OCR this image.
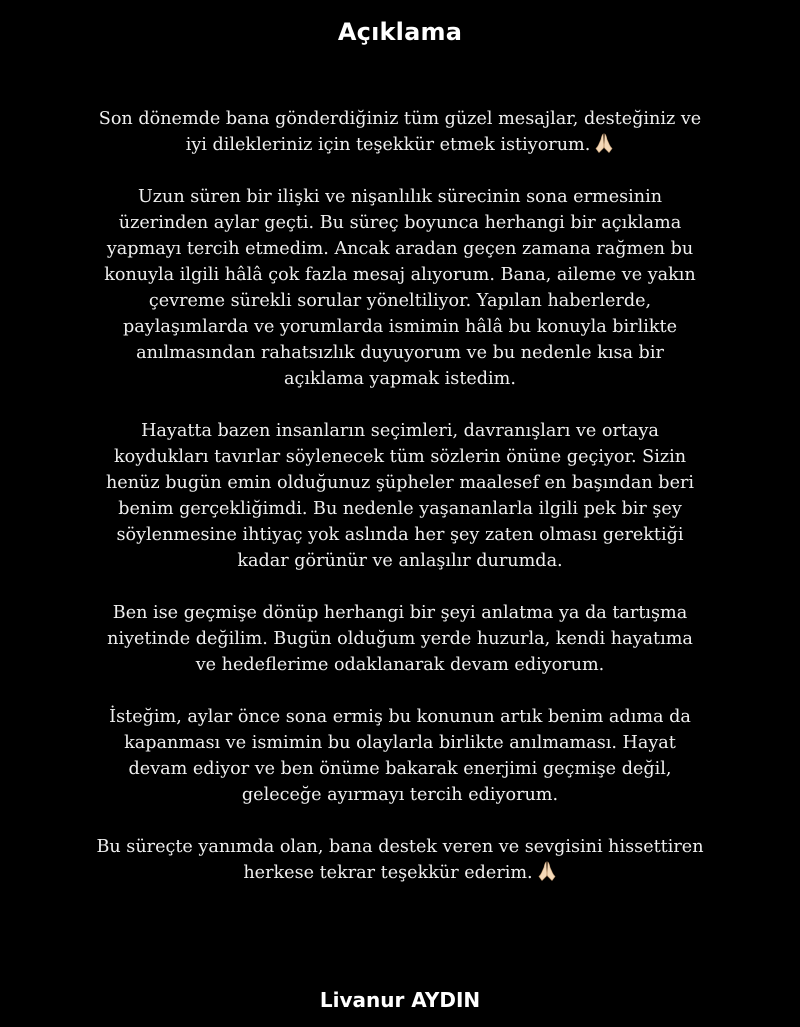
Açıklama

Son dönemde bana gönderdiğiniz tüm güzel mesajlar, desteğiniz ve
iyi dilekleriniz için teşekkür etmek istiyorum.

Uzun süren bir ilişki ve nişanlılık sürecinin sona ermesinin
üzerinden aylar geçti. Bu süreç boyunca herhangi bir açıklama
yapmayı tercih etmedim. Ancak aradan geçen zamana rağmen bu
konuyla ilgili hâlâ çok fazla mesaj alıyorum. Bana, aileme ve yakın
çevreme sürekli sorular yöneltiliyor. Yapılan haberlerde,
paylaşımlarda ve yorumlarda ismimin hâlâ bu konuyla birlikte
anılmasından rahatsızlık duyuyorum ve bu nedenle kısa bir
açıklama yapmak istedim.

Hayatta bazen insanların seçimleri, davranışları ve ortaya
koydukları tavırlar söylenecek tüm sözlerin önüne geçiyor. Sizin
henüz bugün emin olduğunuz şüpheler maalesef en başından beri
benim gerçekliğimdi. Bu nedenle yaşananlarla ilgili pek bir şey
söylenmesine ihtiyaç yok aslında her şey zaten olması gerektiği
kadar görünür ve anlaşılır durumda.

Ben ise geçmişe dönüp herhangi bir şeyi anlatma ya da tartışma
niyetinde değilim. Bugün olduğum yerde huzurla, kendi hayatıma
ve hedeflerime odaklanarak devam ediyorum.

İsteğim, aylar önce sona ermiş bu konunun artık benim adıma da
kapanması ve ismimin bu olaylarla birlikte anılmaması. Hayat
devam ediyor ve ben önüme bakarak enerjimi geçmişe değil,
geleceğe ayırmayı tercih ediyorum.

Bu süreçte yanımda olan, bana destek veren ve sevgisini hissettiren
herkese tekrar teşekkür ederim.

Livanur AYDIN
